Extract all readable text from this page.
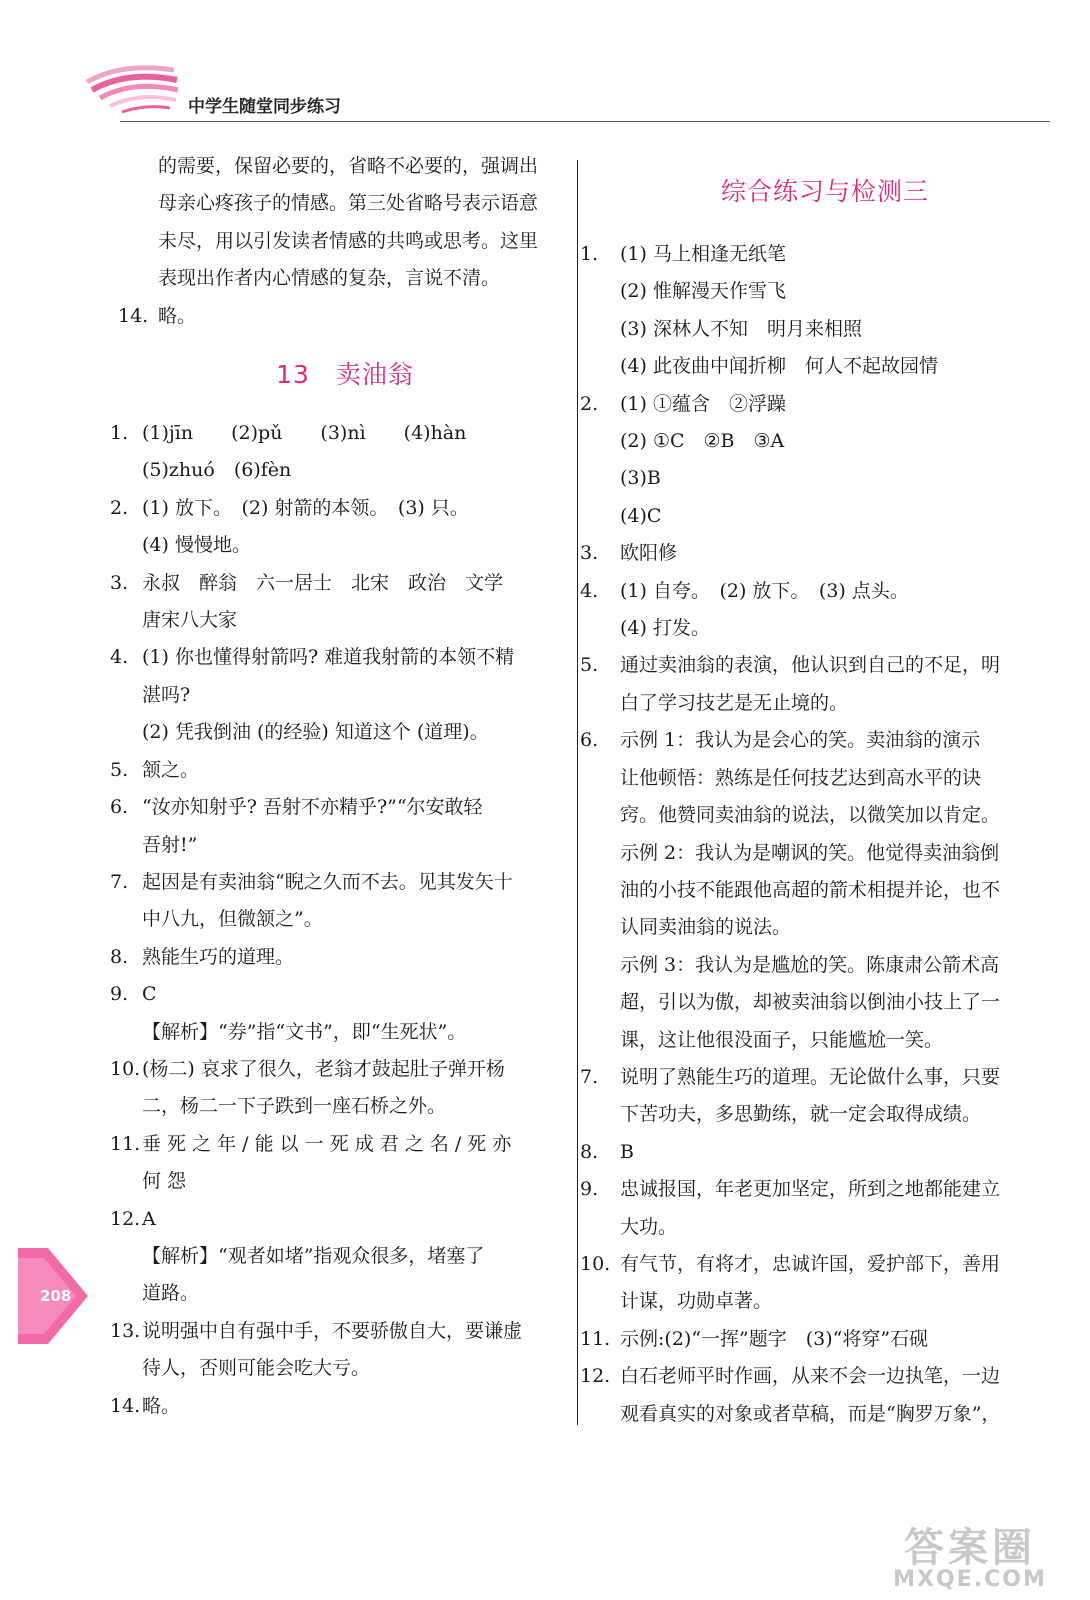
中学生随堂同步练习
的需要，保留必要的，省略不必要的，强调出
母亲心疼孩子的情感。第三处省略号表示语意
未尽，用以引发读者情感的共鸣或思考。这里
表现出作者内心情感的复杂，言说不清。
14. 略。
13 卖油翁
1. (1)jīn　　(2)pǔ　　(3)nì　　(4)hàn
(5)zhuó　(6)fèn
2. (1) 放下。　(2) 射箭的本领。　(3) 只。
(4) 慢慢地。
3. 永叔　醉翁　六一居士　北宋　政治　文学
唐宋八大家
4. (1) 你也懂得射箭吗? 难道我射箭的本领不精
湛吗?
(2) 凭我倒油 (的经验) 知道这个 (道理)。
5. 颔之。
6. “汝亦知射乎? 吾射不亦精乎?”“尔安敢轻
吾射!”
7. 起因是有卖油翁“睨之久而不去。见其发矢十
中八九，但微颔之”。
8. 熟能生巧的道理。
9. C
【解析】“券”指“文书”，即“生死状”。
10. (杨二) 哀求了很久，老翁才鼓起肚子弹开杨
二，杨二一下子跌到一座石桥之外。
11. 垂 死 之 年 / 能 以 一 死 成 君 之 名 / 死 亦
何 怨
12. A
【解析】“观者如堵”指观众很多，堵塞了
道路。
13. 说明强中自有强中手，不要骄傲自大，要谦虚
待人，否则可能会吃大亏。
14. 略。
综合练习与检测三
1. (1) 马上相逢无纸笔
(2) 惟解漫天作雪飞
(3) 深林人不知　明月来相照
(4) 此夜曲中闻折柳　何人不起故园情
2. (1) ①蕴含　②浮躁
(2) ①C　②B　③A
(3)B
(4)C
3. 欧阳修
4. (1) 自夸。　(2) 放下。　(3) 点头。
(4) 打发。
5. 通过卖油翁的表演，他认识到自己的不足，明
白了学习技艺是无止境的。
6. 示例 1：我认为是会心的笑。卖油翁的演示
让他顿悟：熟练是任何技艺达到高水平的诀
窍。他赞同卖油翁的说法，以微笑加以肯定。
示例 2：我认为是嘲讽的笑。他觉得卖油翁倒
油的小技不能跟他高超的箭术相提并论，也不
认同卖油翁的说法。
示例 3：我认为是尴尬的笑。陈康肃公箭术高
超，引以为傲，却被卖油翁以倒油小技上了一
课，这让他很没面子，只能尴尬一笑。
7. 说明了熟能生巧的道理。无论做什么事，只要
下苦功夫，多思勤练，就一定会取得成绩。
8. B
9. 忠诚报国，年老更加坚定，所到之地都能建立
大功。
10. 有气节，有将才，忠诚许国，爱护部下，善用
计谋，功勋卓著。
11. 示例:(2)“一挥”题字　(3)“将穿”石砚
12. 白石老师平时作画，从来不会一边执笔，一边
观看真实的对象或者草稿，而是“胸罗万象”，
208
答案圈
MXQE.COM
